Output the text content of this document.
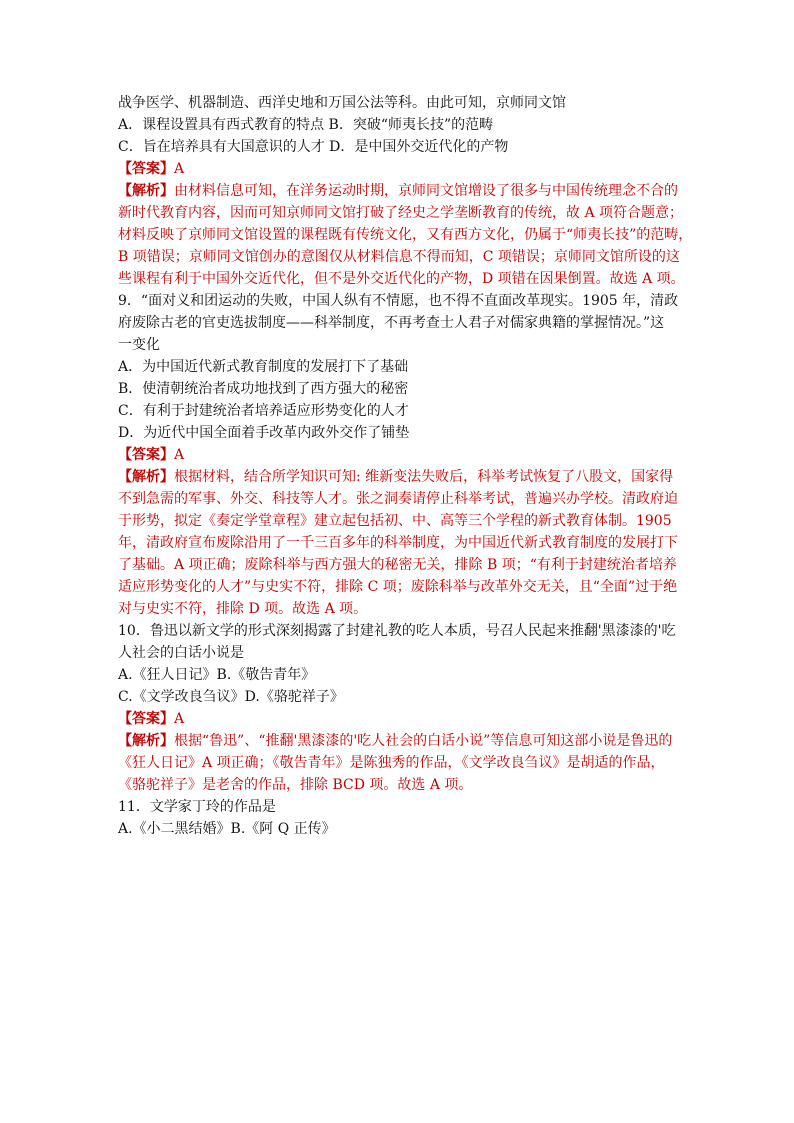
战争医学、机器制造、西洋史地和万国公法等科。由此可知，京师同文馆

A．课程设置具有西式教育的特点 B．突破“师夷长技”的范畴

C．旨在培养具有大国意识的人才 D．是中国外交近代化的产物

【答案】A

【解析】由材料信息可知，在洋务运动时期，京师同文馆增设了很多与中国传统理念不合的

新时代教育内容，因而可知京师同文馆打破了经史之学垄断教育的传统，故 A 项符合题意；

材料反映了京师同文馆设置的课程既有传统文化，又有西方文化，仍属于“师夷长技”的范畴，

B 项错误；京师同文馆创办的意图仅从材料信息不得而知，C 项错误；京师同文馆所设的这

些课程有利于中国外交近代化，但不是外交近代化的产物，D 项错在因果倒置。故选 A 项。

9．“面对义和团运动的失败，中国人纵有不情愿，也不得不直面改革现实。1905 年，清政

府废除古老的官吏选拔制度——科举制度，不再考查士人君子对儒家典籍的掌握情况。”这

一变化

A．为中国近代新式教育制度的发展打下了基础

B．使清朝统治者成功地找到了西方强大的秘密

C．有利于封建统治者培养适应形势变化的人才

D．为近代中国全面着手改革内政外交作了铺垫

【答案】A

【解析】根据材料，结合所学知识可知: 维新变法失败后，科举考试恢复了八股文，国家得

不到急需的军事、外交、科技等人才。张之洞奏请停止科举考试，普遍兴办学校。清政府迫

于形势，拟定《奏定学堂章程》建立起包括初、中、高等三个学程的新式教育体制。1905

年，清政府宣布废除沿用了一千三百多年的科举制度，为中国近代新式教育制度的发展打下

了基础。A 项正确；废除科举与西方强大的秘密无关，排除 B 项；“有利于封建统治者培养

适应形势变化的人才”与史实不符，排除 C 项；废除科举与改革外交无关，且“全面”过于绝

对与史实不符，排除 D 项。故选 A 项。

10．鲁迅以新文学的形式深刻揭露了封建礼教的吃人本质，号召人民起来推翻'黑漆漆的'吃

人社会的白话小说是

A.《狂人日记》B.《敬告青年》

C.《文学改良刍议》D.《骆驼祥子》

【答案】A

【解析】根据“鲁迅”、“推翻'黑漆漆的'吃人社会的白话小说”等信息可知这部小说是鲁迅的

《狂人日记》A 项正确；《敬告青年》是陈独秀的作品，《文学改良刍议》是胡适的作品，

《骆驼祥子》是老舍的作品，排除 BCD 项。故选 A 项。

11．文学家丁玲的作品是

A.《小二黑结婚》B.《阿 Q 正传》
